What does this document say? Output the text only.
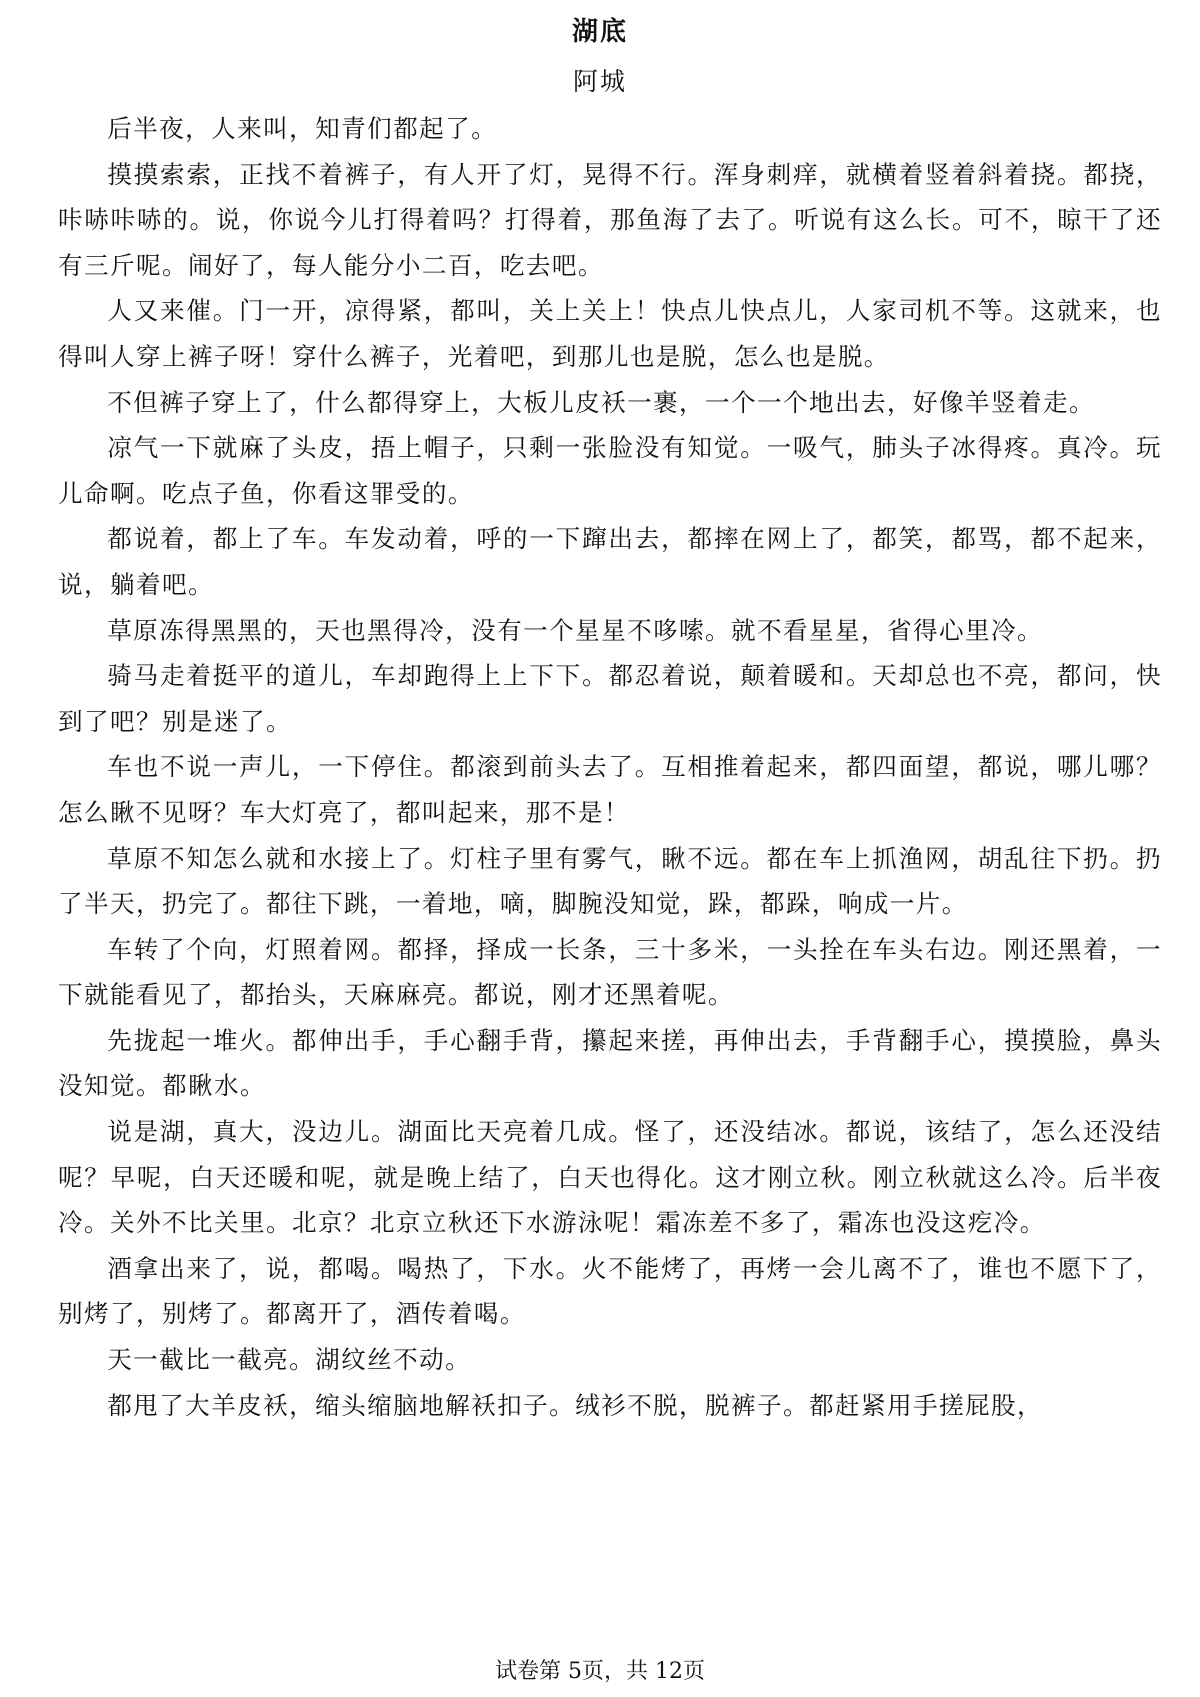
湖底
阿城

后半夜，人来叫，知青们都起了。

摸摸索索，正找不着裤子，有人开了灯，晃得不行。浑身刺痒，就横着竖着斜着挠。都挠，咔哧咔哧的。说，你说今儿打得着吗？打得着，那鱼海了去了。听说有这么长。可不，晾干了还有三斤呢。闹好了，每人能分小二百，吃去吧。

人又来催。门一开，凉得紧，都叫，关上关上！快点儿快点儿，人家司机不等。这就来，也得叫人穿上裤子呀！穿什么裤子，光着吧，到那儿也是脱，怎么也是脱。

不但裤子穿上了，什么都得穿上，大板儿皮袄一裹，一个一个地出去，好像羊竖着走。

凉气一下就麻了头皮，捂上帽子，只剩一张脸没有知觉。一吸气，肺头子冰得疼。真冷。玩儿命啊。吃点子鱼，你看这罪受的。

都说着，都上了车。车发动着，呼的一下蹿出去，都摔在网上了，都笑，都骂，都不起来，说，躺着吧。

草原冻得黑黑的，天也黑得冷，没有一个星星不哆嗦。就不看星星，省得心里冷。

骑马走着挺平的道儿，车却跑得上上下下。都忍着说，颠着暖和。天却总也不亮，都问，快到了吧？别是迷了。

车也不说一声儿，一下停住。都滚到前头去了。互相推着起来，都四面望，都说，哪儿哪？怎么瞅不见呀？车大灯亮了，都叫起来，那不是！

草原不知怎么就和水接上了。灯柱子里有雾气，瞅不远。都在车上抓渔网，胡乱往下扔。扔了半天，扔完了。都往下跳，一着地，嘀，脚腕没知觉，跺，都跺，响成一片。

车转了个向，灯照着网。都择，择成一长条，三十多米，一头拴在车头右边。刚还黑着，一下就能看见了，都抬头，天麻麻亮。都说，刚才还黑着呢。

先拢起一堆火。都伸出手，手心翻手背，攥起来搓，再伸出去，手背翻手心，摸摸脸，鼻头没知觉。都瞅水。

说是湖，真大，没边儿。湖面比天亮着几成。怪了，还没结冰。都说，该结了，怎么还没结呢？早呢，白天还暖和呢，就是晚上结了，白天也得化。这才刚立秋。刚立秋就这么冷。后半夜冷。关外不比关里。北京？北京立秋还下水游泳呢！霜冻差不多了，霜冻也没这疙冷。

酒拿出来了，说，都喝。喝热了，下水。火不能烤了，再烤一会儿离不了，谁也不愿下了，别烤了，别烤了。都离开了，酒传着喝。

天一截比一截亮。湖纹丝不动。

都甩了大羊皮袄，缩头缩脑地解袄扣子。绒衫不脱，脱裤子。都赶紧用手搓屁股，

试卷第 5页，共 12页
